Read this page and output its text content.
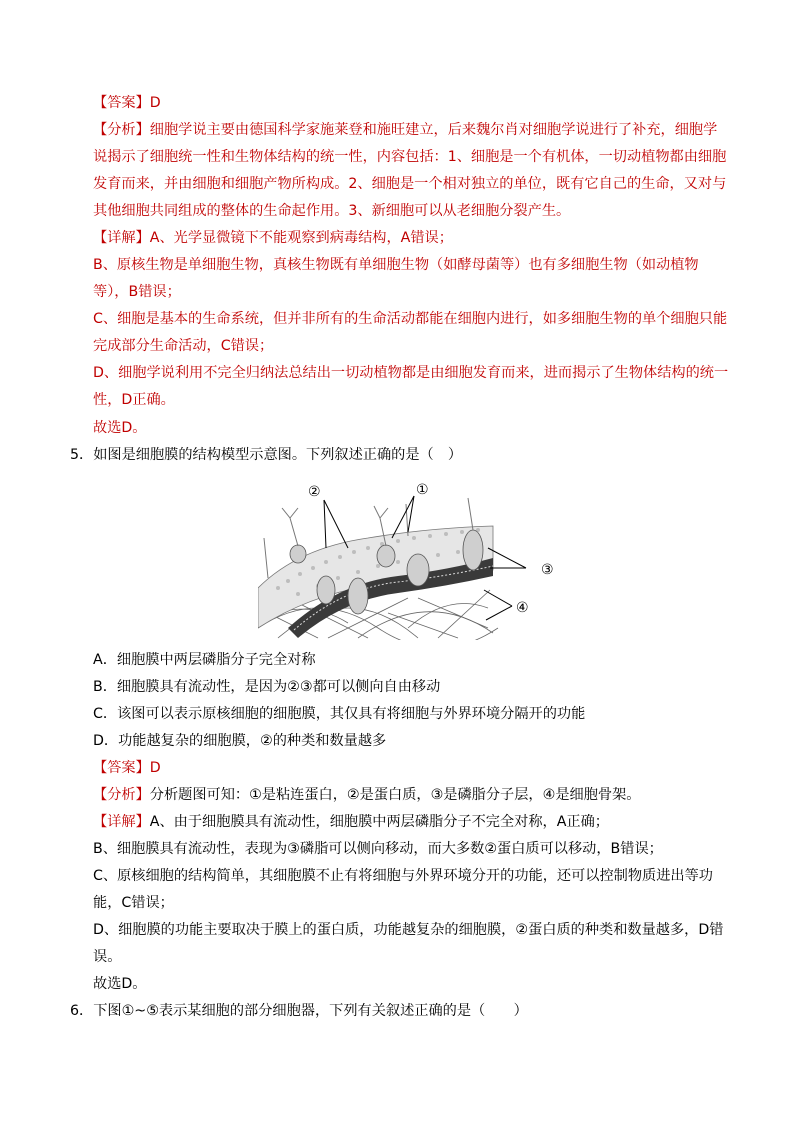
【答案】D
【分析】细胞学说主要由德国科学家施莱登和施旺建立，后来魏尔肖对细胞学说进行了补充，细胞学
说揭示了细胞统一性和生物体结构的统一性，内容包括：1、细胞是一个有机体，一切动植物都由细胞
发育而来，并由细胞和细胞产物所构成。2、细胞是一个相对独立的单位，既有它自己的生命，又对与
其他细胞共同组成的整体的生命起作用。3、新细胞可以从老细胞分裂产生。
【详解】A、光学显微镜下不能观察到病毒结构，A错误；
B、原核生物是单细胞生物，真核生物既有单细胞生物（如酵母菌等）也有多细胞生物（如动植物
等），B错误；
C、细胞是基本的生命系统，但并非所有的生命活动都能在细胞内进行，如多细胞生物的单个细胞只能
完成部分生命活动，C错误；
D、细胞学说利用不完全归纳法总结出一切动植物都是由细胞发育而来，进而揭示了生物体结构的统一
性，D正确。
故选D。
5．如图是细胞膜的结构模型示意图。下列叙述正确的是（　）
②	①
③
④
A．细胞膜中两层磷脂分子完全对称
B．细胞膜具有流动性，是因为②③都可以侧向自由移动
C．该图可以表示原核细胞的细胞膜，其仅具有将细胞与外界环境分隔开的功能
D．功能越复杂的细胞膜，②的种类和数量越多
【答案】D
【分析】分析题图可知：①是粘连蛋白，②是蛋白质，③是磷脂分子层，④是细胞骨架。
【详解】A、由于细胞膜具有流动性，细胞膜中两层磷脂分子不完全对称，A正确；
B、细胞膜具有流动性，表现为③磷脂可以侧向移动，而大多数②蛋白质可以移动，B错误；
C、原核细胞的结构简单，其细胞膜不止有将细胞与外界环境分开的功能，还可以控制物质进出等功
能，C错误；
D、细胞膜的功能主要取决于膜上的蛋白质，功能越复杂的细胞膜，②蛋白质的种类和数量越多，D错
误。
故选D。
6．下图①~⑤表示某细胞的部分细胞器，下列有关叙述正确的是（　　）
